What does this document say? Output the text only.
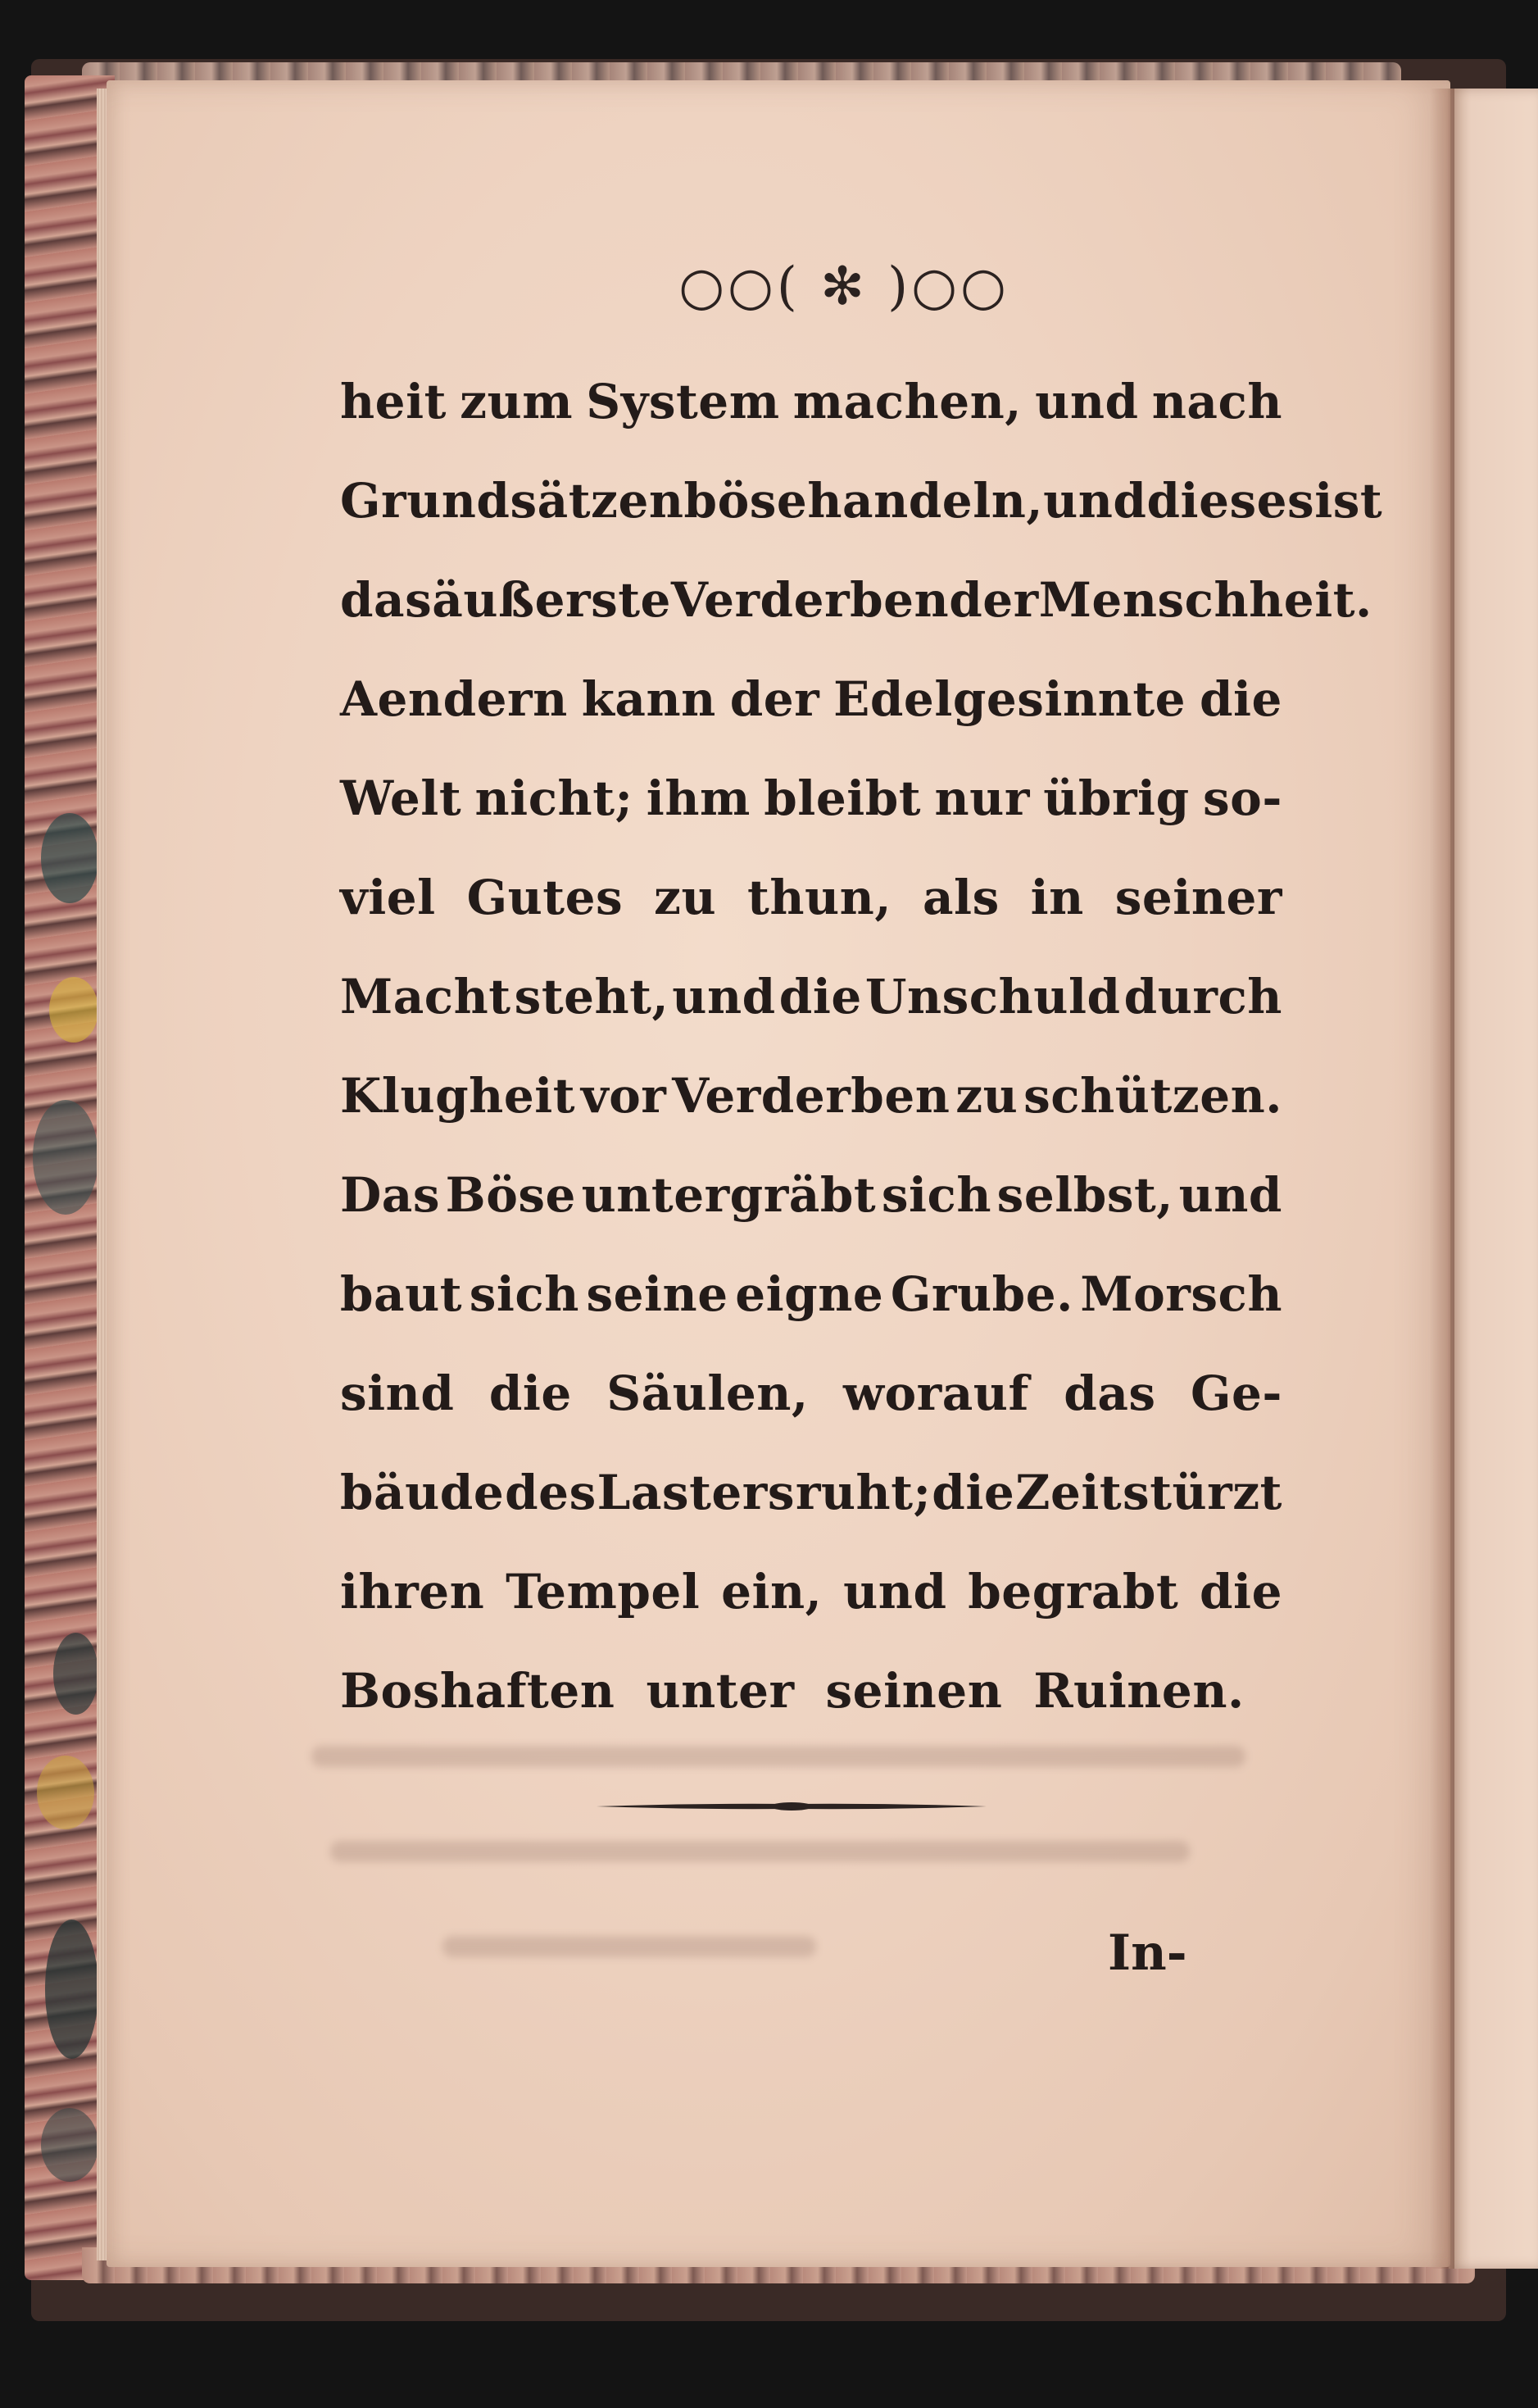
○○( ✻ )○○
heit zum System machen, und nach
Grundsätzen böse handeln, und dieses ist
das äußerste Verderben der Menschheit.
Aendern kann der Edelgesinnte die
Welt nicht; ihm bleibt nur übrig so-
viel Gutes zu thun, als in seiner
Macht steht, und die Unschuld durch
Klugheit vor Verderben zu schützen.
Das Böse untergräbt sich selbst, und
baut sich seine eigne Grube. Morsch
sind die Säulen, worauf das Ge-
bäude des Lasters ruht; die Zeit stürzt
ihren Tempel ein, und begrabt die
Boshaften unter seinen Ruinen.
In-
